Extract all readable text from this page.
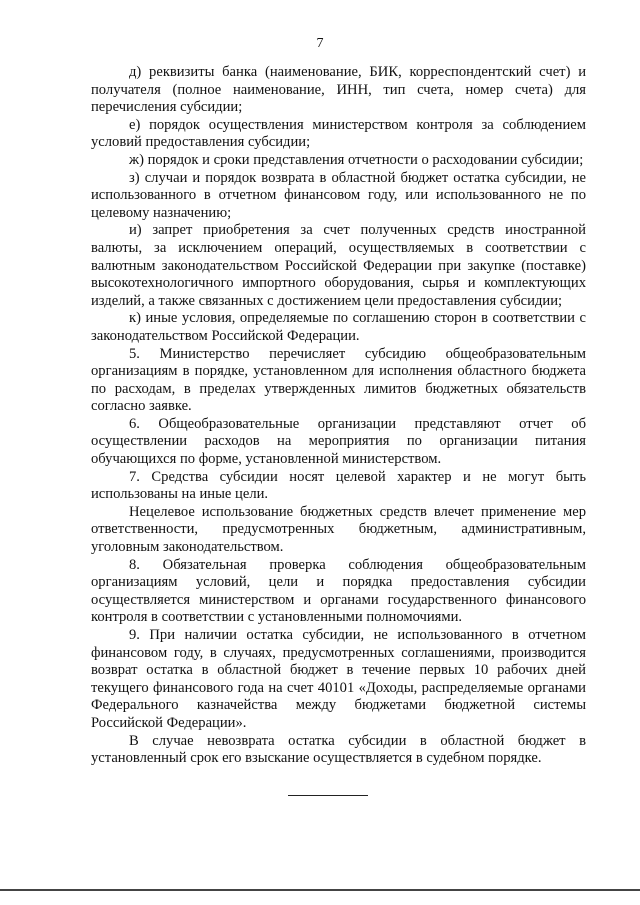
7

д) реквизиты банка (наименование, БИК, корреспондентский счет) и получателя (полное наименование, ИНН, тип счета, номер счета) для перечисления субсидии;

е) порядок осуществления министерством контроля за соблюдением условий предоставления субсидии;

ж) порядок и сроки представления отчетности о расходовании субсидии;

з) случаи и порядок возврата в областной бюджет остатка субсидии, не использованного в отчетном финансовом году, или использованного не по целевому назначению;

и) запрет приобретения за счет полученных средств иностранной валюты, за исключением операций, осуществляемых в соответствии с валютным законодательством Российской Федерации при закупке (поставке) высокотехнологичного импортного оборудования, сырья и комплектующих изделий, а также связанных с достижением цели предоставления субсидии;

к) иные условия, определяемые по соглашению сторон в соответствии с законодательством Российской Федерации.

5. Министерство перечисляет субсидию общеобразовательным организациям в порядке, установленном для исполнения областного бюджета по расходам, в пределах утвержденных лимитов бюджетных обязательств согласно заявке.

6. Общеобразовательные организации представляют отчет об осуществлении расходов на мероприятия по организации питания обучающихся по форме, установленной министерством.

7. Средства субсидии носят целевой характер и не могут быть использованы на иные цели.

Нецелевое использование бюджетных средств влечет применение мер ответственности, предусмотренных бюджетным, административным, уголовным законодательством.

8. Обязательная проверка соблюдения общеобразовательным организациям условий, цели и порядка предоставления субсидии осуществляется министерством и органами государственного финансового контроля в соответствии с установленными полномочиями.

9. При наличии остатка субсидии, не использованного в отчетном финансовом году, в случаях, предусмотренных соглашениями, производится возврат остатка в областной бюджет в течение первых 10 рабочих дней текущего финансового года на счет 40101 «Доходы, распределяемые органами Федерального казначейства между бюджетами бюджетной системы Российской Федерации».

В случае невозврата остатка субсидии в областной бюджет в установленный срок его взыскание осуществляется в судебном порядке.
